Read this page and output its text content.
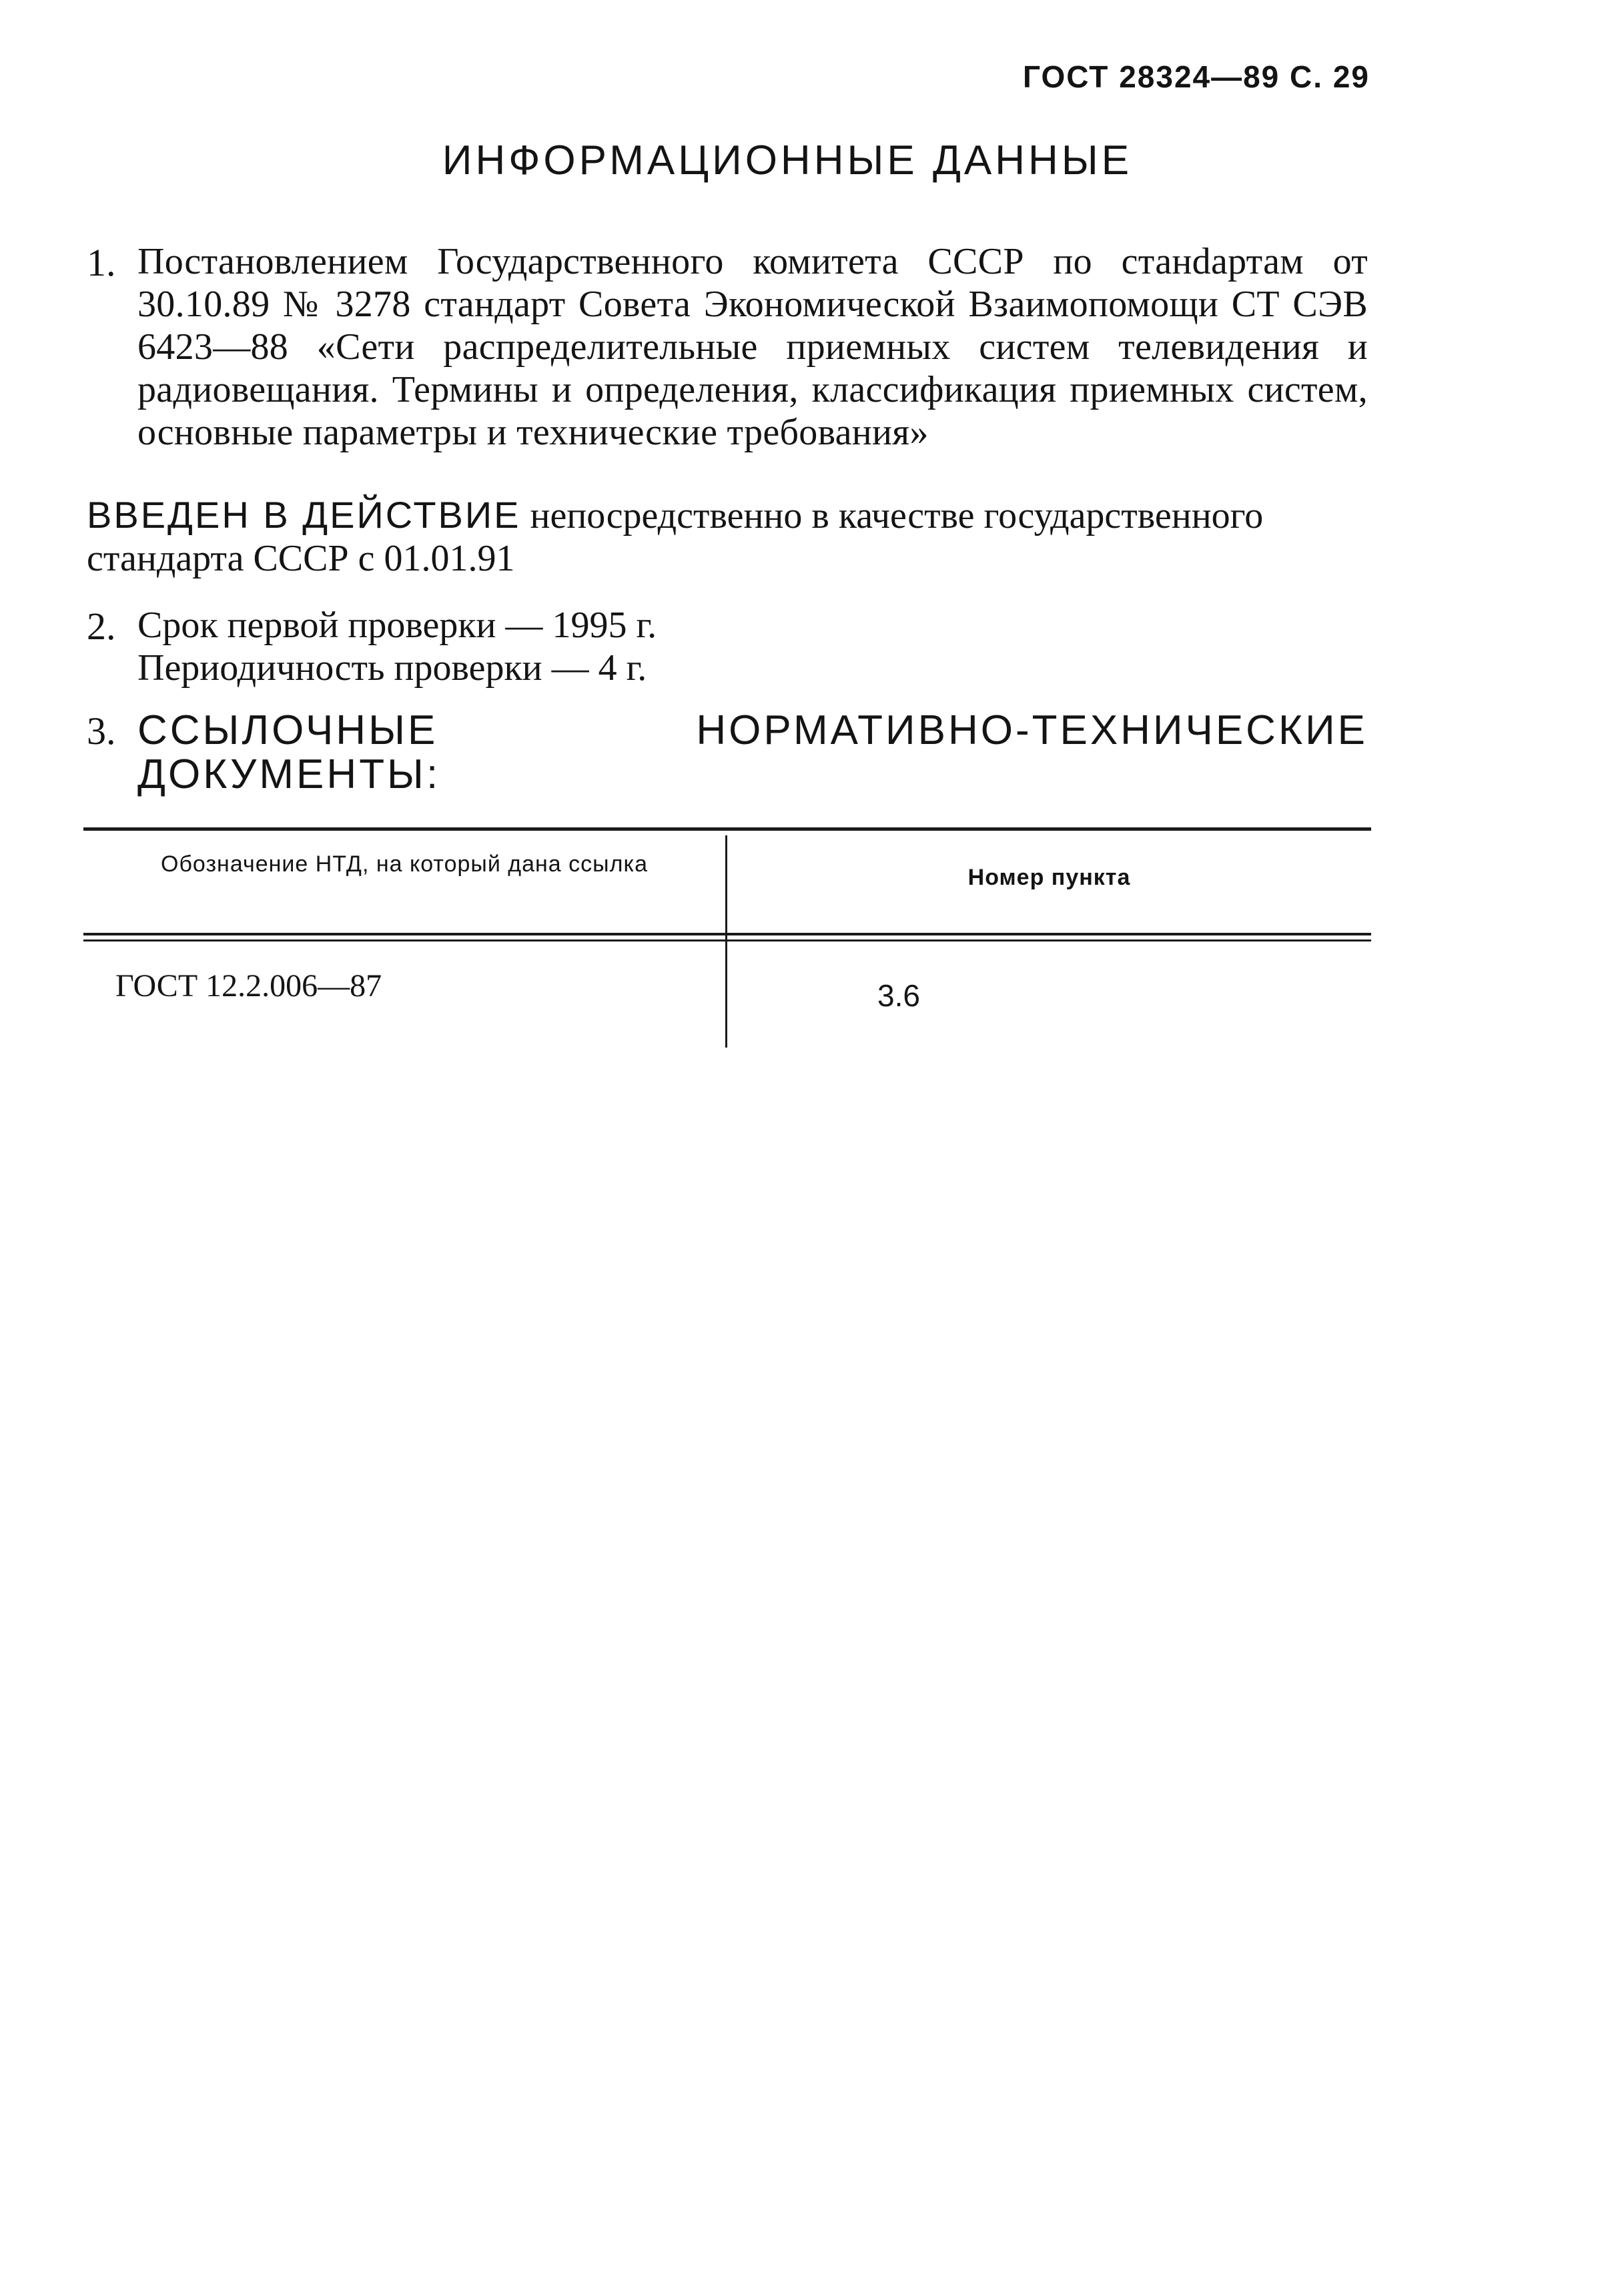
ГОСТ 28324—89 С. 29
ИНФОРМАЦИОННЫЕ ДАННЫЕ
1. Постановлением Государственного комитета СССР по станdартам от 30.10.89 № 3278 стандарт Совета Экономической Взаимопомощи СТ СЭВ 6423—88 «Сети распределительные приемных систем телевидения и радиовещания. Термины и определения, классификация приемных систем, основные параметры и технические требования»
ВВЕДЕН В ДЕЙСТВИЕ непосредственно в качестве государственного стандарта СССР с 01.01.91
2. Срок первой проверки — 1995 г.
Периодичность проверки — 4 г.
3. ССЫЛОЧНЫЕ НОРМАТИВНО-ТЕХНИЧЕСКИЕ ДОКУМЕНТЫ:
Обозначение НТД, на который дана ссылка
Номер пункта
ГОСТ 12.2.006—87	3.6
